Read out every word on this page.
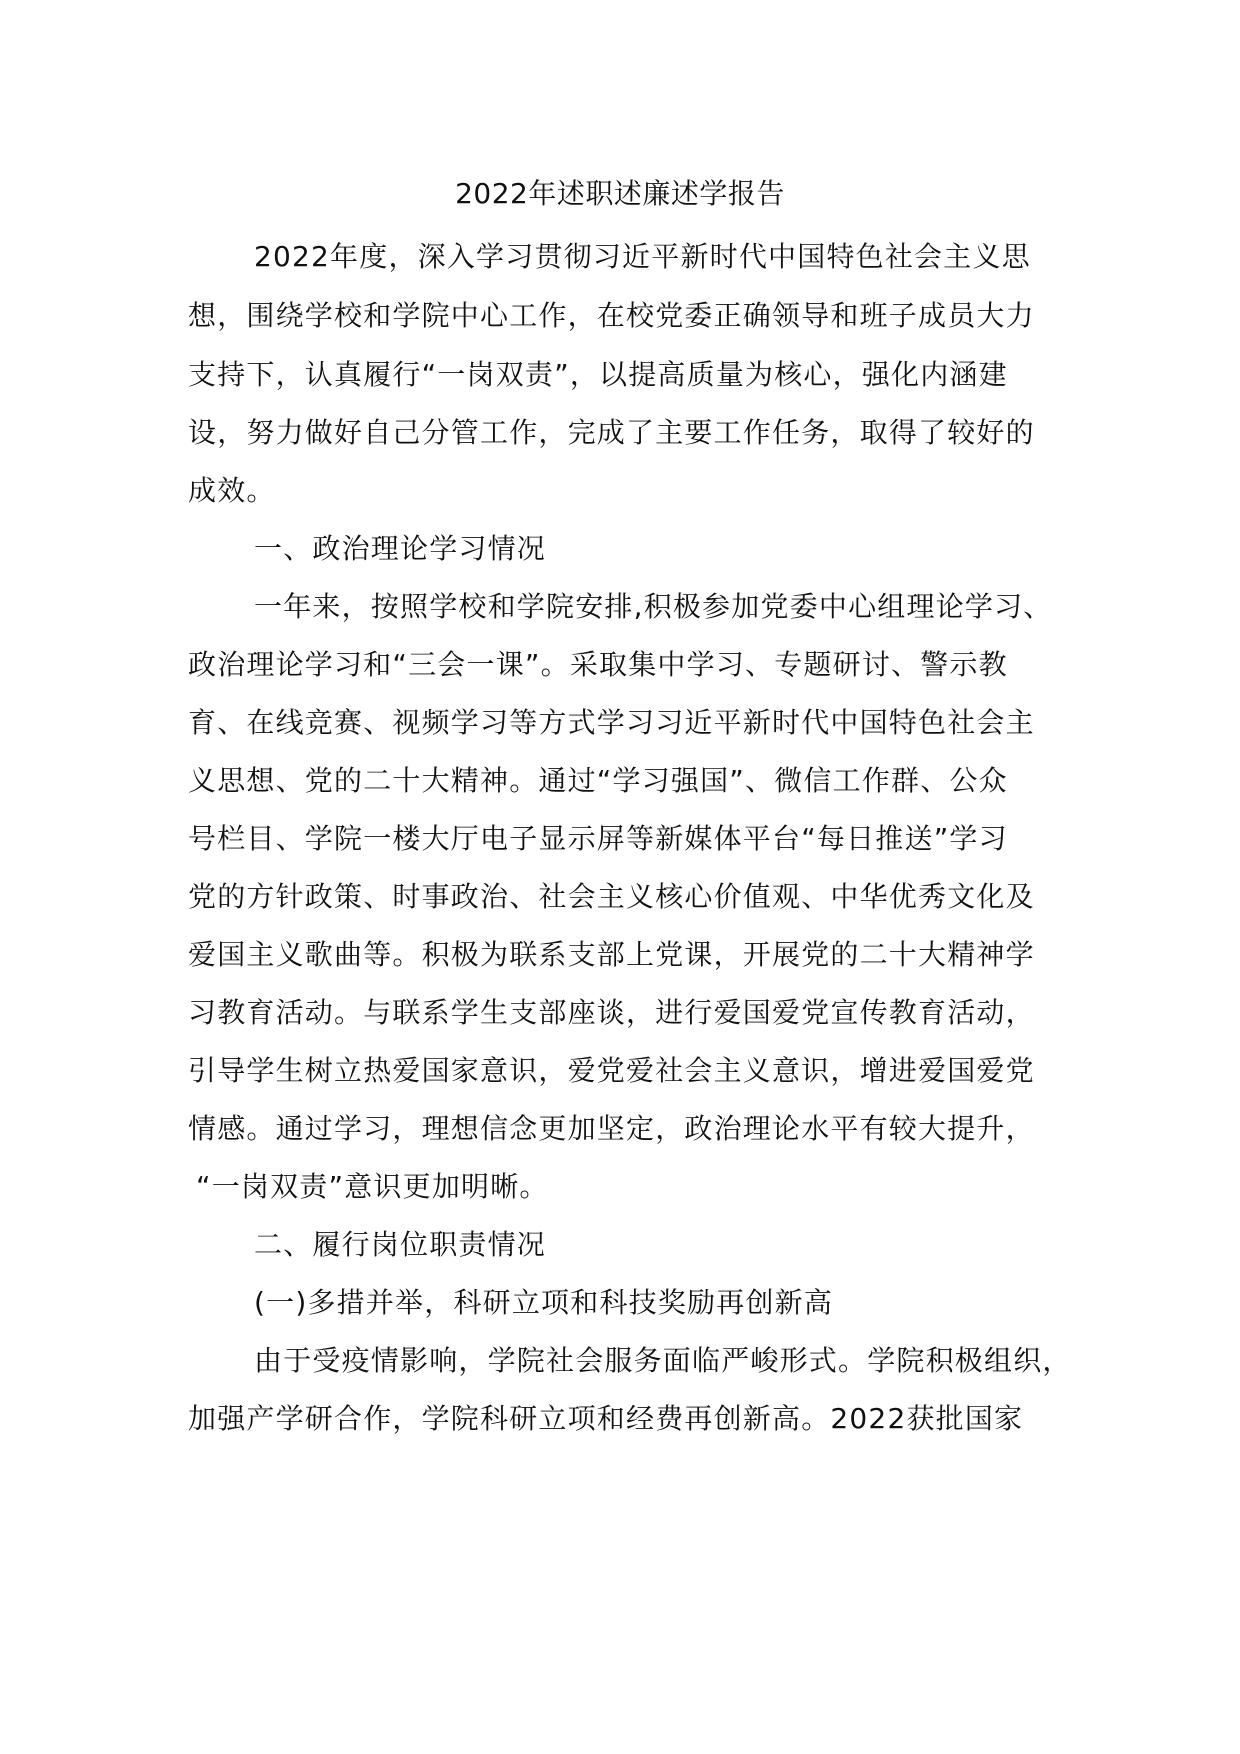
2022年述职述廉述学报告

2022年度，深入学习贯彻习近平新时代中国特色社会主义思

想，围绕学校和学院中心工作，在校党委正确领导和班子成员大力

支持下，认真履行“一岗双责”，以提高质量为核心，强化内涵建

设，努力做好自己分管工作，完成了主要工作任务，取得了较好的

成效。

一、政治理论学习情况

一年来，按照学校和学院安排,积极参加党委中心组理论学习、

政治理论学习和“三会一课”。采取集中学习、专题研讨、警示教

育、在线竞赛、视频学习等方式学习习近平新时代中国特色社会主

义思想、党的二十大精神。通过“学习强国”、微信工作群、公众

号栏目、学院一楼大厅电子显示屏等新媒体平台“每日推送”学习

党的方针政策、时事政治、社会主义核心价值观、中华优秀文化及

爱国主义歌曲等。积极为联系支部上党课，开展党的二十大精神学

习教育活动。与联系学生支部座谈，进行爱国爱党宣传教育活动，

引导学生树立热爱国家意识，爱党爱社会主义意识，增进爱国爱党

情感。通过学习，理想信念更加坚定，政治理论水平有较大提升，

“一岗双责”意识更加明晰。

二、履行岗位职责情况

(一)多措并举，科研立项和科技奖励再创新高

由于受疫情影响，学院社会服务面临严峻形式。学院积极组织，

加强产学研合作，学院科研立项和经费再创新高。2022获批国家
